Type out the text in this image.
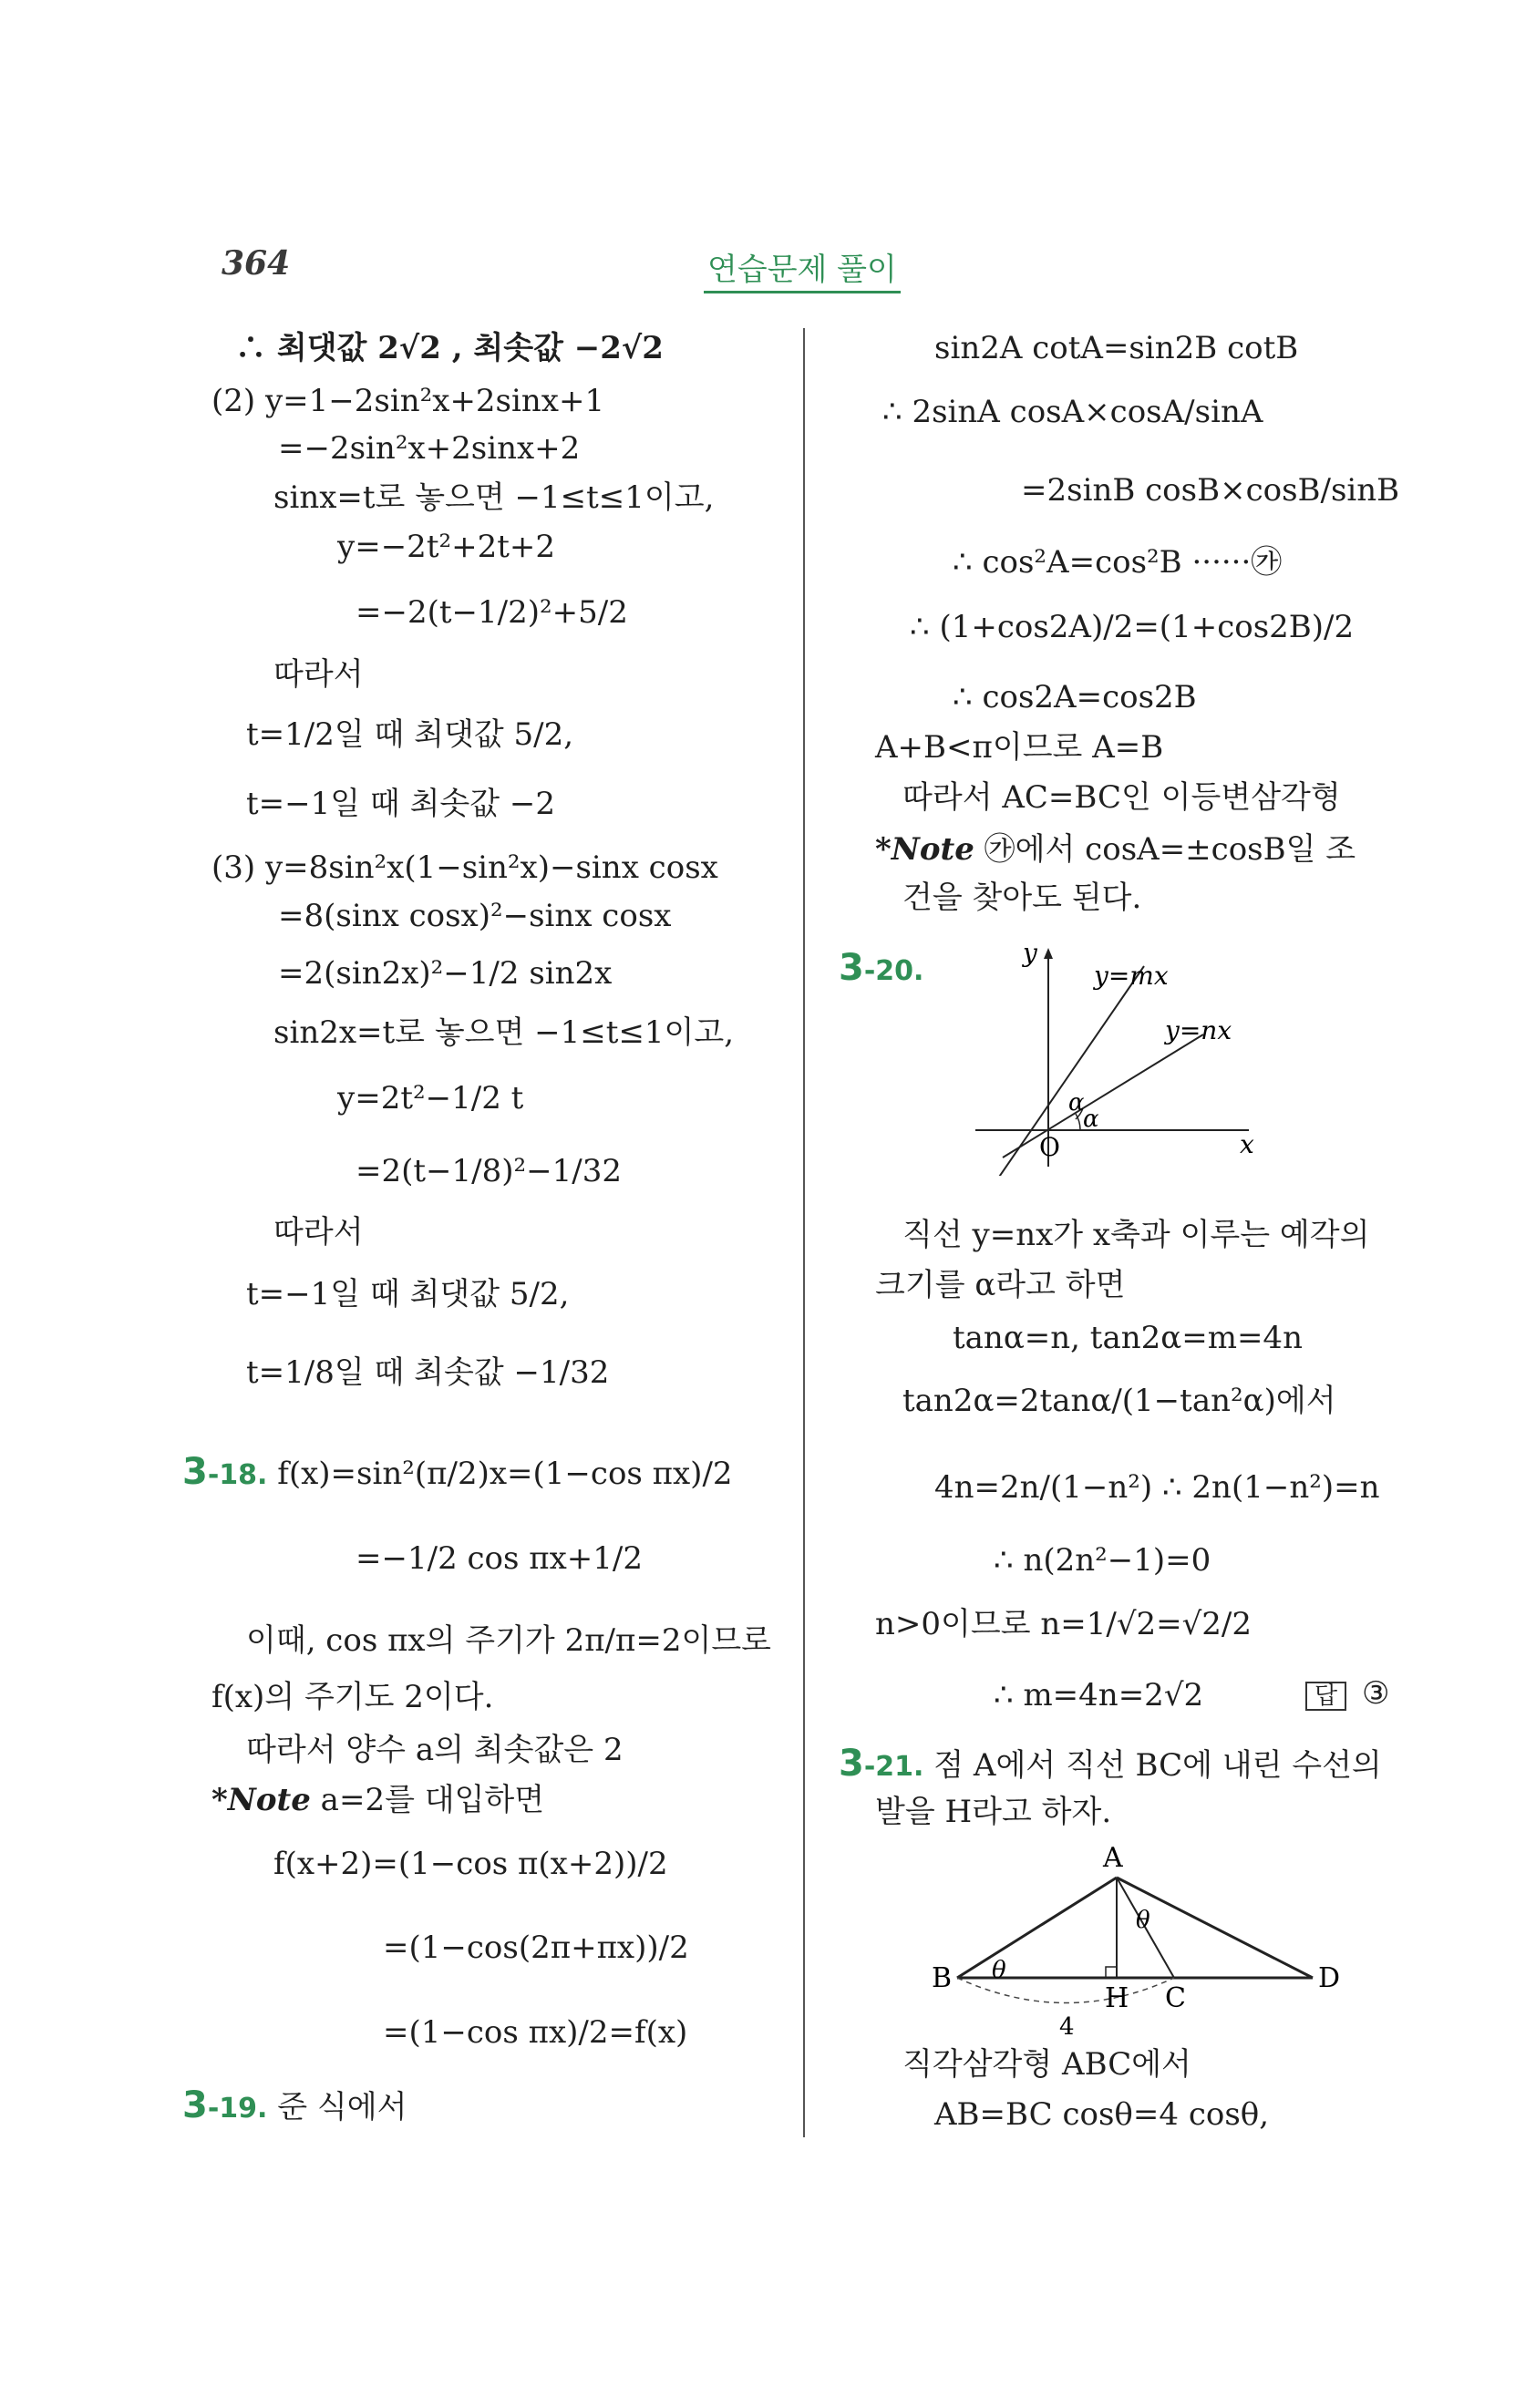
364	연습문제 풀이
∴ 최댓값 2√2 , 최솟값 −2√2
(2) y=1−2sin²x+2sinx+1
=−2sin²x+2sinx+2
sinx=t로 놓으면 −1≤t≤1이고,
y=−2t²+2t+2
=−2(t−1/2)²+5/2
따라서
t=1/2일 때 최댓값 5/2,
t=−1일 때 최솟값 −2
(3) y=8sin²x(1−sin²x)−sinx cosx
=8(sinx cosx)²−sinx cosx
=2(sin2x)²−1/2 sin2x
sin2x=t로 놓으면 −1≤t≤1이고,
y=2t²−1/2 t
=2(t−1/8)²−1/32
따라서
t=−1일 때 최댓값 5/2,
t=1/8일 때 최솟값 −1/32
3-18. f(x)=sin²(π/2)x=(1−cos πx)/2
=−1/2 cos πx+1/2
이때, cos πx의 주기가 2π/π=2이므로
f(x)의 주기도 2이다.
따라서 양수 a의 최솟값은 2
*Note a=2를 대입하면
f(x+2)=(1−cos π(x+2))/2
=(1−cos(2π+πx))/2
=(1−cos πx)/2=f(x)
3-19. 준 식에서
sin2A cotA=sin2B cotB
∴ 2sinA cosA×cosA/sinA
=2sinB cosB×cosB/sinB
∴ cos²A=cos²B ······㉮
∴ (1+cos2A)/2=(1+cos2B)/2
∴ cos2A=cos2B
A+B<π이므로 A=B
따라서 AC=BC인 이등변삼각형
*Note ㉮에서 cosA=±cosB일 조
건을 찾아도 된다.
3-20.
직선 y=nx가 x축과 이루는 예각의
크기를 α라고 하면
tanα=n, tan2α=m=4n
tan2α=2tanα/(1−tan²α)에서
4n=2n/(1−n²) ∴ 2n(1−n²)=n
∴ n(2n²−1)=0
n>0이므로 n=1/√2=√2/2
∴ m=4n=2√2
3-21. 점 A에서 직선 BC에 내린 수선의
발을 H라고 하자.
직각삼각형 ABC에서
AB=BC cosθ=4 cosθ,
답 ③
y
x
O
y=mx
y=nx
α
α
A
B
C
D
H
θ
θ
4
